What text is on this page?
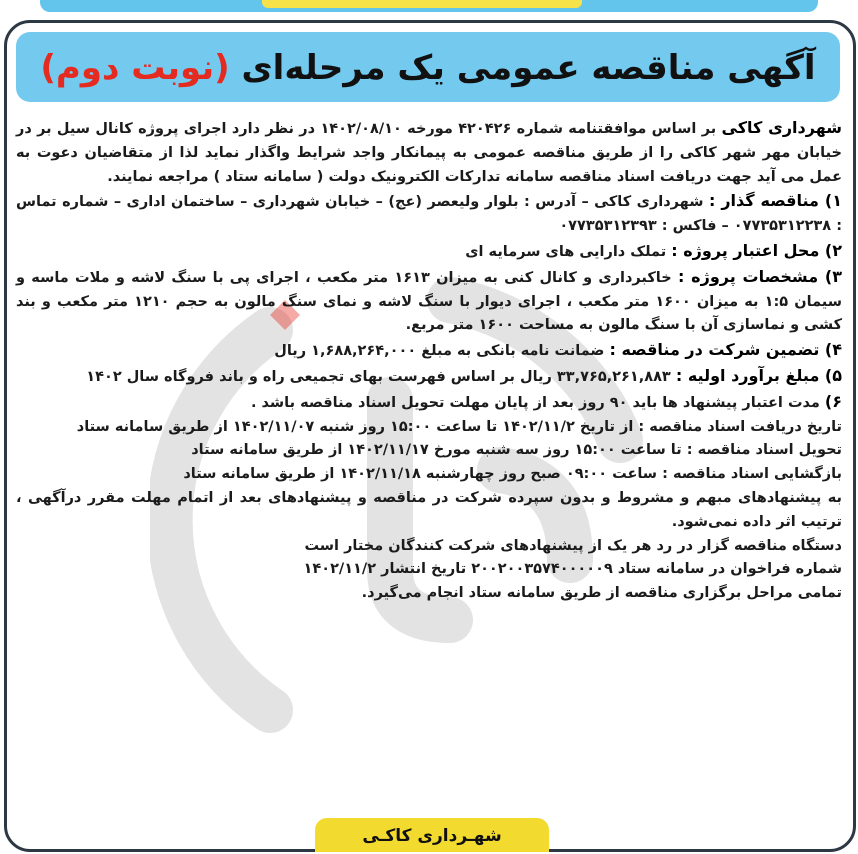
آگهی مناقصه عمومی یک مرحله‌ای (نوبت دوم)

شهرداری کاکی بر اساس موافقتنامه شماره ۴۲۰۴۲۶ مورخه ۱۴۰۲/۰۸/۱۰ در نظر دارد اجرای پروژه کانال سیل بر در خیابان مهر شهر کاکی را از طریق مناقصه عمومی به پیمانکار واجد شرایط واگذار نماید لذا از متقاضیان دعوت به عمل می آید جهت دریافت اسناد مناقصه سامانه تدارکات الکترونیک دولت ( سامانه ستاد ) مراجعه نمایند.

۱) مناقصه گذار : شهرداری کاکی – آدرس : بلوار ولیعصر (عج) – خیابان شهرداری – ساختمان اداری – شماره تماس : ۰۷۷۳۵۳۱۲۲۳۸ – فاکس : ۰۷۷۳۵۳۱۲۳۹۳

۲) محل اعتبار پروژه : تملک دارایی های سرمایه ای

۳) مشخصات پروژه : خاکبرداری و کانال کنی به میزان ۱۶۱۳ متر مکعب ، اجرای پی با سنگ لاشه و ملات ماسه و سیمان ۱:۵ به میزان ۱۶۰۰ متر مکعب ، اجرای دیوار با سنگ لاشه و نمای سنگ مالون به حجم ۱۲۱۰ متر مکعب و بند کشی و نماسازی آن با سنگ مالون به مساحت ۱۶۰۰ متر مربع.

۴) تضمین شرکت در مناقصه : ضمانت نامه بانکی به مبلغ ۱,۶۸۸,۲۶۴,۰۰۰ ریال

۵) مبلغ برآورد اولیه : ۳۳,۷۶۵,۲۶۱,۸۸۳ ریال بر اساس فهرست بهای تجمیعی راه و باند فروگاه سال ۱۴۰۲

۶) مدت اعتبار پیشنهاد ها باید ۹۰ روز بعد از پایان مهلت تحویل اسناد مناقصه باشد .

تاریخ دریافت اسناد مناقصه : از تاریخ ۱۴۰۲/۱۱/۲ تا ساعت ۱۵:۰۰ روز شنبه ۱۴۰۲/۱۱/۰۷ از طریق سامانه ستاد

تحویل اسناد مناقصه : تا ساعت ۱۵:۰۰ روز سه شنبه مورخ ۱۴۰۲/۱۱/۱۷ از طریق سامانه ستاد

بازگشایی اسناد مناقصه : ساعت ۰۹:۰۰ صبح روز چهارشنبه ۱۴۰۲/۱۱/۱۸ از طریق سامانه ستاد

به پیشنهادهای مبهم و مشروط و بدون سپرده شرکت در مناقصه و پیشنهادهای بعد از اتمام مهلت مقرر درآگهی ، ترتیب اثر داده نمی‌شود.

دستگاه مناقصه گزار در رد هر یک از پیشنهادهای شرکت کنندگان مختار است

شماره فراخوان در سامانه ستاد ۲۰۰۲۰۰۳۵۷۴۰۰۰۰۰۹ تاریخ انتشار ۱۴۰۲/۱۱/۲

تمامی مراحل برگزاری مناقصه از طریق سامانه ستاد انجام می‌گیرد.

شهـرداری کاکـی
